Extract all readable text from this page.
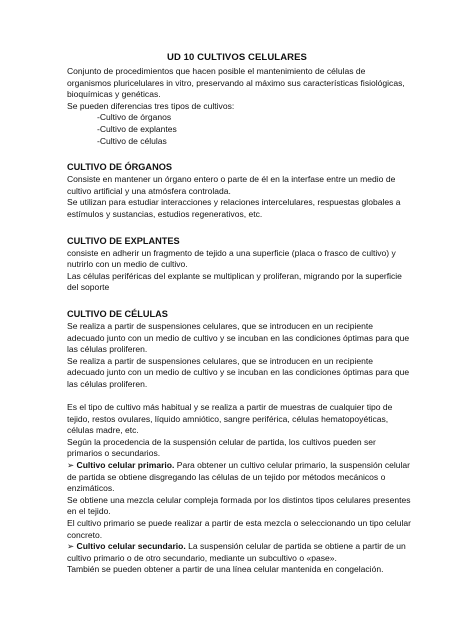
UD 10 CULTIVOS CELULARES

Conjunto de procedimientos que hacen posible el mantenimiento de células de organismos pluricelulares in vitro, preservando al máximo sus características fisiológicas, bioquímicas y genéticas.

Se pueden diferencias tres tipos de cultivos:

-Cultivo de órganos

-Cultivo de explantes

-Cultivo de células

CULTIVO DE ÓRGANOS

Consiste en mantener un órgano entero o parte de él en la interfase entre un medio de cultivo artificial y una atmósfera controlada.

Se utilizan para estudiar interacciones y relaciones intercelulares, respuestas globales a estímulos y sustancias, estudios regenerativos, etc.

CULTIVO DE EXPLANTES

consiste en adherir un fragmento de tejido a una superficie (placa o frasco de cultivo) y nutrirlo con un medio de cultivo.

Las células periféricas del explante se multiplican y proliferan, migrando por la superficie del soporte

CULTIVO DE CÉLULAS

Se realiza a partir de suspensiones celulares, que se introducen en un recipiente adecuado junto con un medio de cultivo y se incuban en las condiciones óptimas para que las células proliferen.

Se realiza a partir de suspensiones celulares, que se introducen en un recipiente adecuado junto con un medio de cultivo y se incuban en las condiciones óptimas para que las células proliferen.

Es el tipo de cultivo más habitual y se realiza a partir de muestras de cualquier tipo de tejido, restos ovulares, líquido amniótico, sangre periférica, células hematopoyéticas, células madre, etc.

Según la procedencia de la suspensión celular de partida, los cultivos pueden ser primarios o secundarios.

➢ Cultivo celular primario. Para obtener un cultivo celular primario, la suspensión celular de partida se obtiene disgregando las células de un tejido por métodos mecánicos o enzimáticos.

Se obtiene una mezcla celular compleja formada por los distintos tipos celulares presentes en el tejido.

El cultivo primario se puede realizar a partir de esta mezcla o seleccionando un tipo celular concreto.

➢ Cultivo celular secundario. La suspensión celular de partida se obtiene a partir de un cultivo primario o de otro secundario, mediante un subcultivo o «pase».

También se pueden obtener a partir de una línea celular mantenida en congelación.
